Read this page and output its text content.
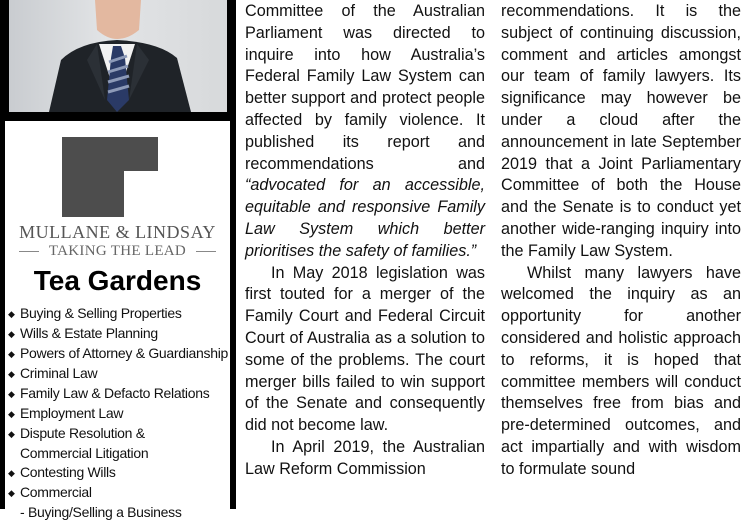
MULLANE & LINDSAY
TAKING THE LEAD
Tea Gardens
◆ Buying & Selling Properties
◆ Wills & Estate Planning
◆ Powers of Attorney & Guardianship
◆ Criminal Law
◆ Family Law & Defacto Relations
◆ Employment Law
◆ Dispute Resolution &
Commercial Litigation
◆ Contesting Wills
◆ Commercial
- Buying/Selling a Business

Committee of the Australian Parliament was directed to inquire into how Australia’s Federal Family Law System can better support and protect people affected by family violence. It published its report and recommendations and “advocated for an accessible, equitable and responsive Family Law System which better prioritises the safety of families.”

In May 2018 legislation was first touted for a merger of the Family Court and Federal Circuit Court of Australia as a solution to some of the problems. The court merger bills failed to win support of the Senate and consequently did not become law.

In April 2019, the Australian Law Reform Commission

recommendations. It is the subject of continuing discussion, comment and articles amongst our team of family lawyers. Its significance may however be under a cloud after the announcement in late September 2019 that a Joint Parliamentary Committee of both the House and the Senate is to conduct yet another wide-ranging inquiry into the Family Law System.

Whilst many lawyers have welcomed the inquiry as an opportunity for another considered and holistic approach to reforms, it is hoped that committee members will conduct themselves free from bias and pre-determined outcomes, and act impartially and with wisdom to formulate sound
